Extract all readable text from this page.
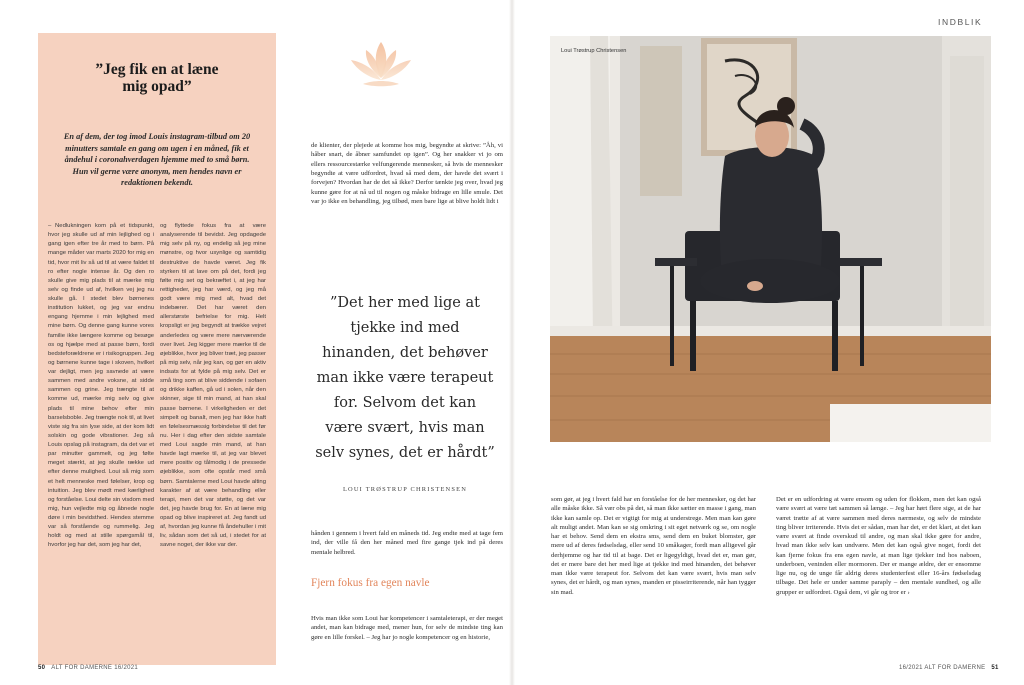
”Jeg fik en at læne mig opad”
En af dem, der tog imod Louis instagram-tilbud om 20 minutters samtale en gang om ugen i en måned, fik et åndehul i coronahverdagen hjemme med to små børn. Hun vil gerne være anonym, men hendes navn er redaktionen bekendt.
– Nedlukningen kom på et tidspunkt, hvor jeg skulle ud af min lejlighed og i gang igen efter tre år med to børn. På mange måder var marts 2020 for mig en tid, hvor mit liv så ud til at være faldet til ro efter nogle intense år. Og den ro skulle give mig plads til at mærke mig selv og finde ud af, hvilken vej jeg nu skulle gå. I stedet blev børnenes institution lukket, og jeg var endnu engang hjemme i min lejlighed med mine børn. Og denne gang kunne vores familie ikke længere komme og besøge os og hjælpe med at passe børn, fordi bedsteforældrene er i risikogruppen. Jeg og børnene kunne tage i skoven, hvilket var dejligt, men jeg savnede at være sammen med andre voksne, at sidde sammen og grine. Jeg trængte til at komme ud, mærke mig selv og give plads til mine behov efter min barselsboble. Jeg trængte nok til, at livet viste sig fra sin lyse side, at der kom lidt solskin og gode vibrationer. Jeg så Louis opslag på instagram, da det var et par minutter gammelt, og jeg følte meget stærkt, at jeg skulle række ud efter denne mulighed. Loui så mig som et helt menneske med følelser, krop og intuition. Jeg blev mødt med kærlighed og forståelse. Loui delte sin visdom med mig, hun vejledte mig og åbnede nogle døre i min bevidsthed. Hendes stemme var så forstående og rummelig. Jeg holdt og med at stille spørgsmål til, hvorfor jeg har det, som jeg har det,
og flyttede fokus fra at være analyserende til bevidst. Jeg opdagede mig selv på ny, og endelig så jeg mine mønstre, og hvor usynlige og samtidig destruktive de havde været. Jeg fik styrken til at lave om på det, fordi jeg følte mig set og bekræftet i, at jeg har rettigheder, jeg har værd, og jeg må godt være mig med alt, hvad det indebærer. Det har været den allerstørste befrielse for mig. Helt kropsligt er jeg begyndt at trække vejret anderledes og være mere nærværende over livet. Jeg kigger mere mærke til de øjeblikke, hvor jeg bliver træt, jeg passer på mig selv, når jeg kan, og gør en aktiv indsats for at fylde på mig selv. Det er små ting som at blive siddende i sofaen og drikke kaffen, gå ud i solen, når den skinner, sige til min mand, at han skal passe børnene. I virkeligheden er det simpelt og banalt, men jeg har ikke haft en følelsesmæssig forbindelse til det før nu. Her i dag efter den sidste samtale med Loui sagde min mand, at han havde lagt mærke til, at jeg var blevet mere positiv og tålmodig i de pressede øjeblikke, som ofte opstår med små børn. Samtalerne med Loui havde alting karakter af at være behandling eller terapi, men det var støtte, og det var det, jeg havde brug for. En at læne mig opad og blive inspireret af. Jeg fandt ud af, hvordan jeg kunne få åndehuller i mit liv, sådan som det så ud, i stedet for at savne noget, der ikke var der.
de klienter, der plejede at komme hos mig, begyndte at skrive: ”Åh, vi håber snart, de åbner samfundet op igen”. Og her snakker vi jo om ellers ressourcestærke velfungerende mennesker, så hvis de mennesker begyndte at være udfordret, hvad så med dem, der havde det svært i forvejen? Hvordan har de det så ikke? Derfor tænkte jeg over, hvad jeg kunne gøre for at nå ud til nogen og måske bidrage en lille smule. Det var jo ikke en behandling, jeg tilbød, men bare lige at blive holdt lidt i
”Det her med lige at tjekke ind med hinanden, det behøver man ikke være terapeut for. Selvom det kan være svært, hvis man selv synes, det er hårdt”
LOUI TRØSTRUP CHRISTENSEN
hånden i gennem i hvert fald en måneds tid. Jeg endte med at tage fem ind, der ville få den her måned med fire gange tjek ind på deres mentale helbred.
Fjern fokus fra egen navle
Hvis man ikke som Loui har kompetencer i samtaleterapi, er der meget andet, man kan bidrage med, mener hun, for selv de mindste ting kan gøre en lille forskel. – Jeg har jo nogle kompetencer og en historie,
INDBLIK
Loui Trøstrup Christensen
som gør, at jeg i hvert fald har en forståelse for de her mennesker, og det har alle måske ikke. Så vær obs på det, så man ikke sætter en masse i gang, man ikke kan samle op. Det er vigtigt for mig at understrege. Men man kan gøre alt muligt andet. Man kan se sig omkring i sit eget netværk og se, om nogle har et behov. Send dem en ekstra sms, send dem en buket blomster, gør mere ud af deres fødselsdag, eller send 10 småkager, fordi man alligevel går derhjemme og har tid til at bage. Det er ligegyldigt, hvad det er, man gør, det er mere bare det her med lige at tjekke ind med hinanden, det behøver man ikke være terapeut for. Selvom det kan være svært, hvis man selv synes, det er hårdt, og man synes, manden er pisseirriterende, når han tygger sin mad.
Det er en udfordring at være ensom og uden for flokken, men det kan også være svært at være tæt sammen så længe. – Jeg har hørt flere sige, at de har været trætte af at være sammen med deres nærmeste, og selv de mindste ting bliver irriterende. Hvis det er sådan, man har det, er det klart, at det kan være svært at finde overskud til andre, og man skal ikke gøre for andre, hvad man ikke selv kan undvære. Men det kan også give noget, fordi det kan fjerne fokus fra ens egen navle, at man lige tjekker ind hos naboen, underboen, veninden eller mormoren. Der er mange ældre, der er ensomme lige nu, og de unge får aldrig deres studenterfest eller 16-års fødselsdag tilbage. Det hele er under samme paraply – den mentale sundhed, og alle grupper er udfordret. Også dem, vi går og tror er ›
50 ALT FOR DAMERNE 16/2021	16/2021 ALT FOR DAMERNE 51
